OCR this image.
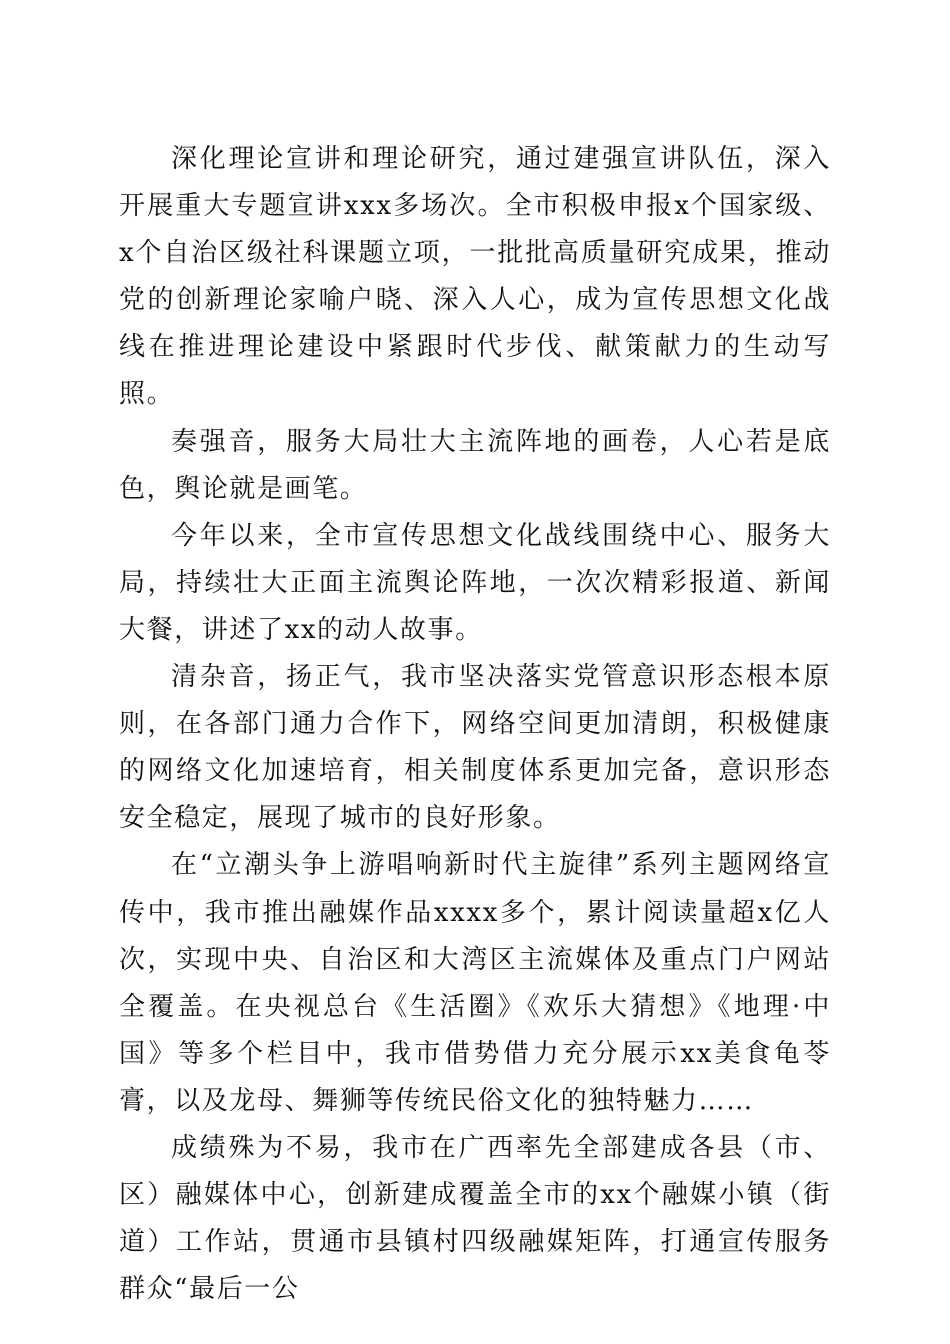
深化理论宣讲和理论研究，通过建强宣讲队伍，深入开展重大专题宣讲xxx多场次。全市积极申报x个国家级、x个自治区级社科课题立项，一批批高质量研究成果，推动党的创新理论家喻户晓、深入人心，成为宣传思想文化战线在推进理论建设中紧跟时代步伐、献策献力的生动写照。

奏强音，服务大局壮大主流阵地的画卷，人心若是底色，舆论就是画笔。

今年以来，全市宣传思想文化战线围绕中心、服务大局，持续壮大正面主流舆论阵地，一次次精彩报道、新闻大餐，讲述了xx的动人故事。

清杂音，扬正气，我市坚决落实党管意识形态根本原则，在各部门通力合作下，网络空间更加清朗，积极健康的网络文化加速培育，相关制度体系更加完备，意识形态安全稳定，展现了城市的良好形象。

在“立潮头争上游唱响新时代主旋律”系列主题网络宣传中，我市推出融媒作品xxxx多个，累计阅读量超x亿人次，实现中央、自治区和大湾区主流媒体及重点门户网站全覆盖。在央视总台《生活圈》《欢乐大猜想》《地理·中国》等多个栏目中，我市借势借力充分展示xx美食龟苓膏，以及龙母、舞狮等传统民俗文化的独特魅力……

成绩殊为不易，我市在广西率先全部建成各县（市、区）融媒体中心，创新建成覆盖全市的xx个融媒小镇（街道）工作站，贯通市县镇村四级融媒矩阵，打通宣传服务群众“最后一公
